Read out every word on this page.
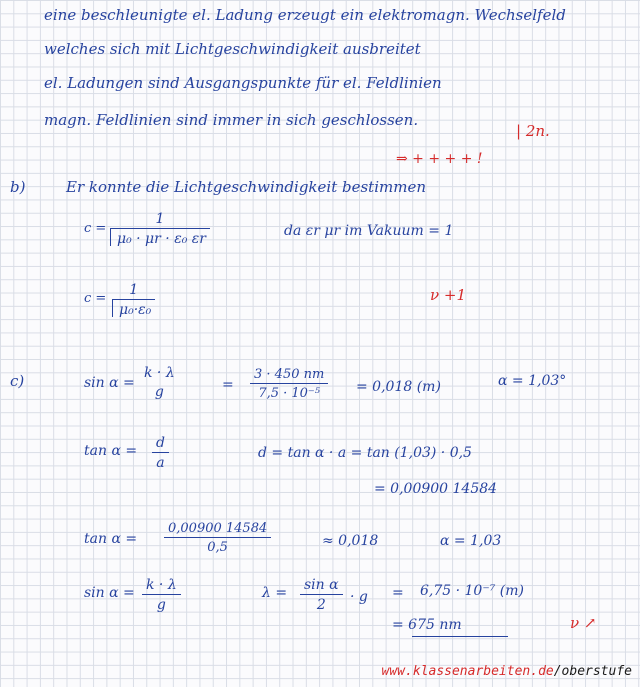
eine beschleunigte el. Ladung erzeugt ein elektromagn. Wechselfeld
welches sich mit Lichtgeschwindigkeit ausbreitet
el. Ladungen sind Ausgangspunkte für el. Feldlinien
magn. Feldlinien sind immer in sich geschlossen.
| 2n.
⇒ + + + + !
b)	Er konnte die Lichtgeschwindigkeit bestimmen
$c = \frac{1}{\text{μ₀ · μr · ε₀ εr}}$	da εr μr im Vakuum = 1
$c = \frac{1}{\text{μ₀·ε₀}}$	ν +1
c)	sin α =
k · λ
g	= $\frac{3 \cdot 450 nm}{\text{7,5 · 10⁻⁵}} = 0,018$ (m)	α = 1,03°
$\tan \alpha = \frac{d}{a}$	d = tan α · a = tan (1,03) · 0,5
= 0,00900 14584
$\tan \alpha = \frac{0,00900 14584}{0,5}$	≈ 0,018	α = 1,03
$\sin \alpha = \frac{k \cdot \lambda}{g}$	$\lambda = \frac{\text{sin α}}{2} \cdot g = 6,75 \cdot 10^{-7}$ (m)
= 675 nm	ν ↗
www.klassenarbeiten.de/oberstufe
